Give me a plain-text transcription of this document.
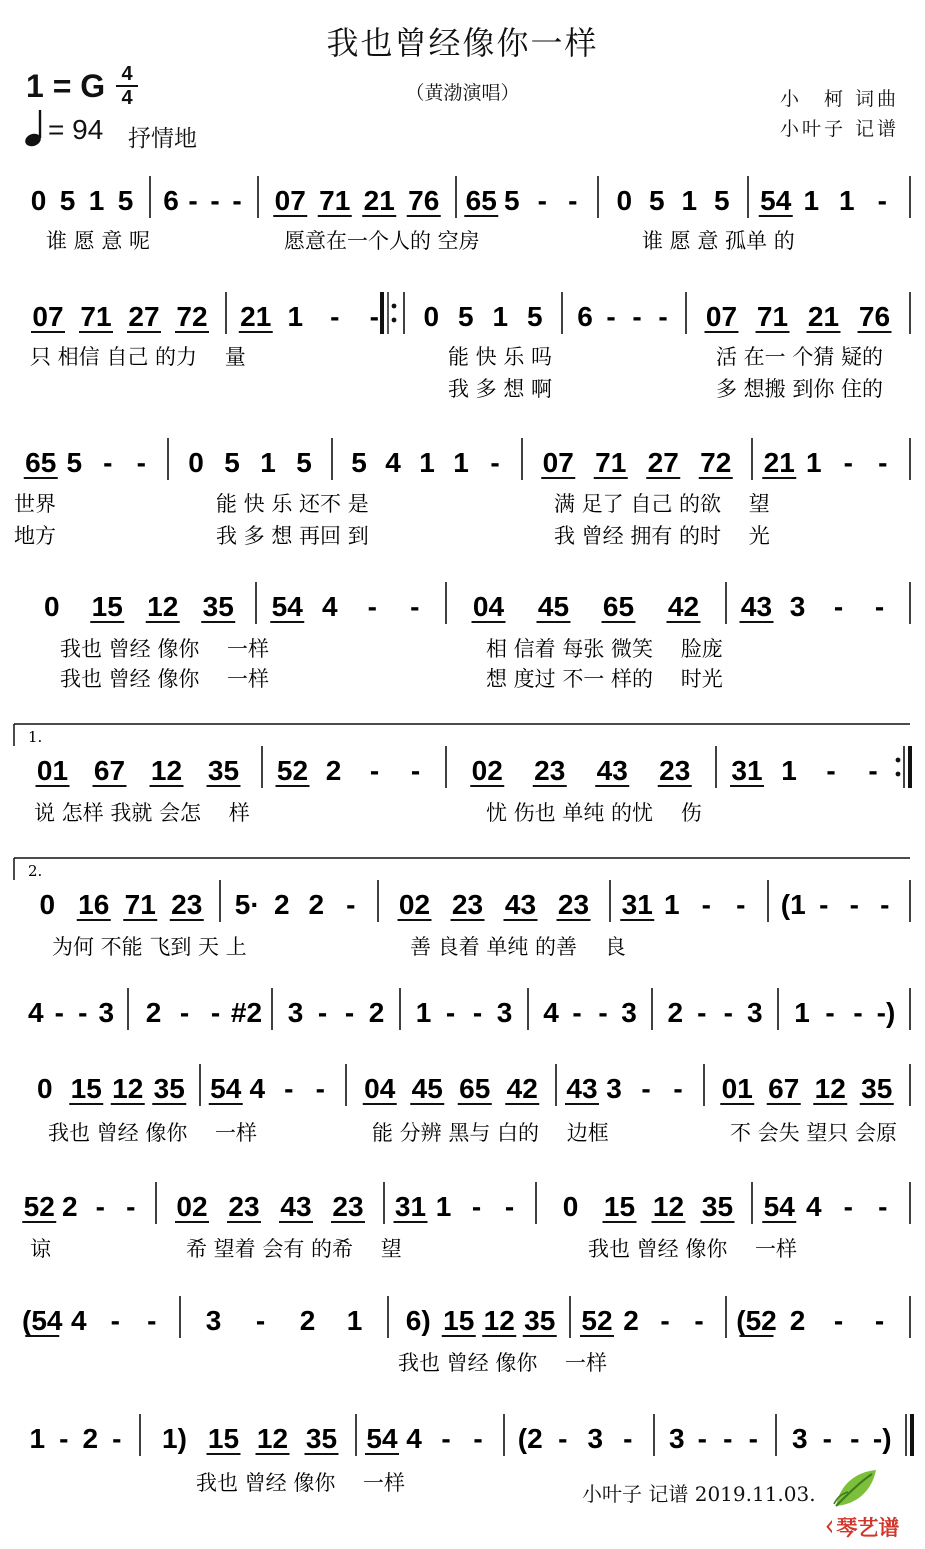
0 5 1 5 6 - - - 07 71 21 76 65 5 - - 0 5 1 5 54 1 1 -
谁 愿 意 呢	愿意在一个人的 空房	谁 愿 意 孤单 的
07 71 27 72 21 1 - - 0 5 1 5 6 - - - 07 71 21 76
只 相信 自己 的力　 量	能 快 乐 吗	活 在一 个猜 疑的
我 多 想 啊	多 想搬 到你 住的
65 5 - - 0 5 1 5 5 4 1 1 - 07 71 27 72 21 1 - -
世界	能 快 乐 还不 是	满 足了 自己 的欲　 望
地方	我 多 想 再回 到	我 曾经 拥有 的时　 光
0 15 12 35 54 4 - - 04 45 65 42 43 3 - -
我也 曾经 像你　 一样	相 信着 每张 微笑　 脸庞
我也 曾经 像你　 一样	想 度过 不一 样的　 时光
1.
01 67 12 35 52 2 - - 02 23 43 23 31 1 - -
说 怎样 我就 会怎　 样	忧 伤也 单纯 的忧　 伤
2.
0 16 71 23 5· 2 2 - 02 23 43 23 31 1 - - (1 - - -
为何 不能 飞到 天 上	善 良着 单纯 的善　 良
4 - - 3 2 - - #2 3 - - 2 1 - - 3 4 - - 3 2 - - 3 1 - - -)
0 15 12 35 54 4 - - 04 45 65 42 43 3 - - 01 67 12 35
我也 曾经 像你　 一样	能 分辨 黑与 白的　 边框	不 会失 望只 会原
52 2 - - 02 23 43 23 31 1 - - 0 15 12 35 54 4 - -
谅	希 望着 会有 的希　 望	我也 曾经 像你　 一样
(54 4 - - 3 - 2 1 6) 15 12 35 52 2 - - (52 2 - -
我也 曾经 像你　 一样
1 - 2 - 1) 15 12 35 54 4 - - (2 - 3 - 3 - - - 3 - - -)
我也 曾经 像你　 一样
我也曾经像你一样
（黄渤演唱）
1 = G 4
4
= 94 抒情地
小　柯 词曲
小叶子 记谱
小叶子 记谱 2019.11.03.
ᚲ琴艺谱
